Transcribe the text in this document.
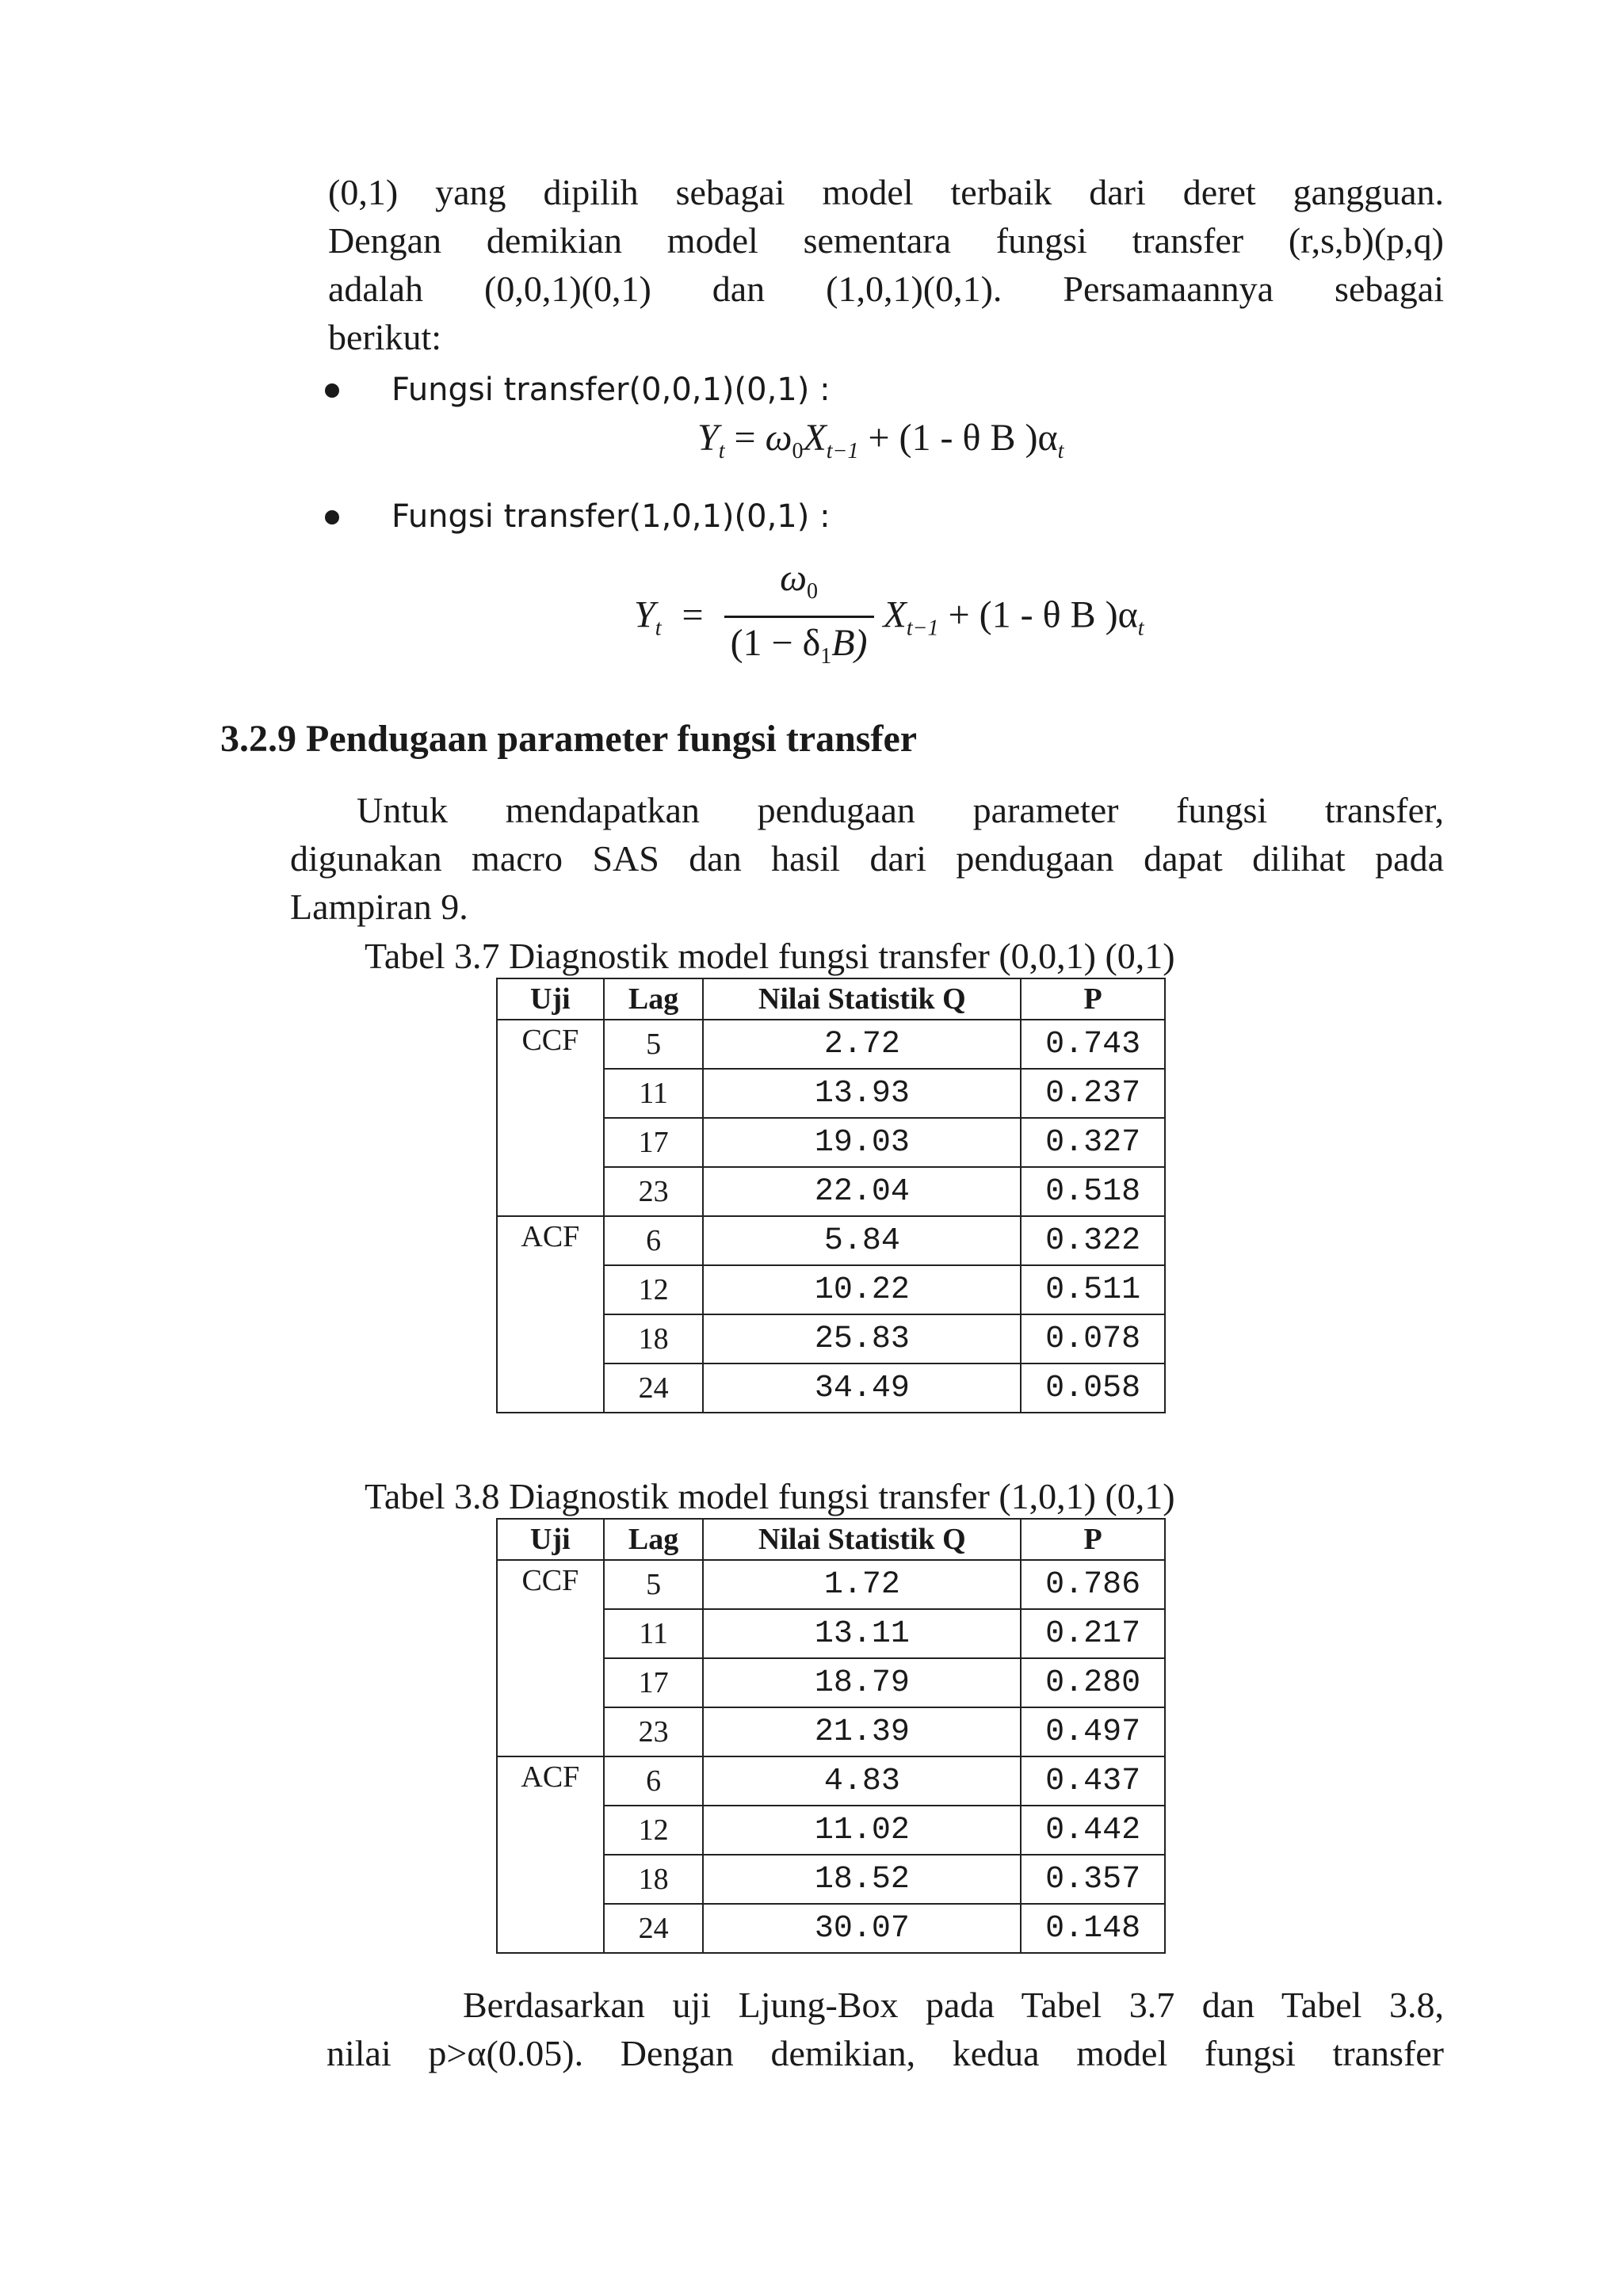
(0,1) yang dipilih sebagai model terbaik dari deret gangguan.
Dengan demikian model sementara fungsi transfer (r,s,b)(p,q)
adalah (0,0,1)(0,1) dan (1,0,1)(0,1). Persamaannya sebagai
berikut:
Fungsi transfer(0,0,1)(0,1) :
$Y_t = \omega_0X_{t-1} + (1 - \theta$ B )$\alpha_t$
Fungsi transfer(1,0,1)(0,1) :
$Y_t = \frac{\omega_0}{(1 - \delta_1B)} X_{t-1} + (1 - \theta$ B )$\alpha_t$
3.2.9 Pendugaan parameter fungsi transfer
Untuk mendapatkan pendugaan parameter fungsi transfer,
digunakan macro SAS dan hasil dari pendugaan dapat dilihat pada
Lampiran 9.
Tabel 3.7 Diagnostik model fungsi transfer (0,0,1) (0,1)
Uji	Lag	Nilai Statistik Q	P
CCF	5	2.72	0.743
	11	13.93	0.237
	17	19.03	0.327
	23	22.04	0.518
ACF	6	5.84	0.322
	12	10.22	0.511
	18	25.83	0.078
	24	34.49	0.058
Tabel 3.8 Diagnostik model fungsi transfer (1,0,1) (0,1)
Uji	Lag	Nilai Statistik Q	P
CCF	5	1.72	0.786
	11	13.11	0.217
	17	18.79	0.280
	23	21.39	0.497
ACF	6	4.83	0.437
	12	11.02	0.442
	18	18.52	0.357
	24	30.07	0.148
Berdasarkan uji Ljung-Box pada Tabel 3.7 dan Tabel 3.8,
nilai p>α(0.05). Dengan demikian, kedua model fungsi transfer
